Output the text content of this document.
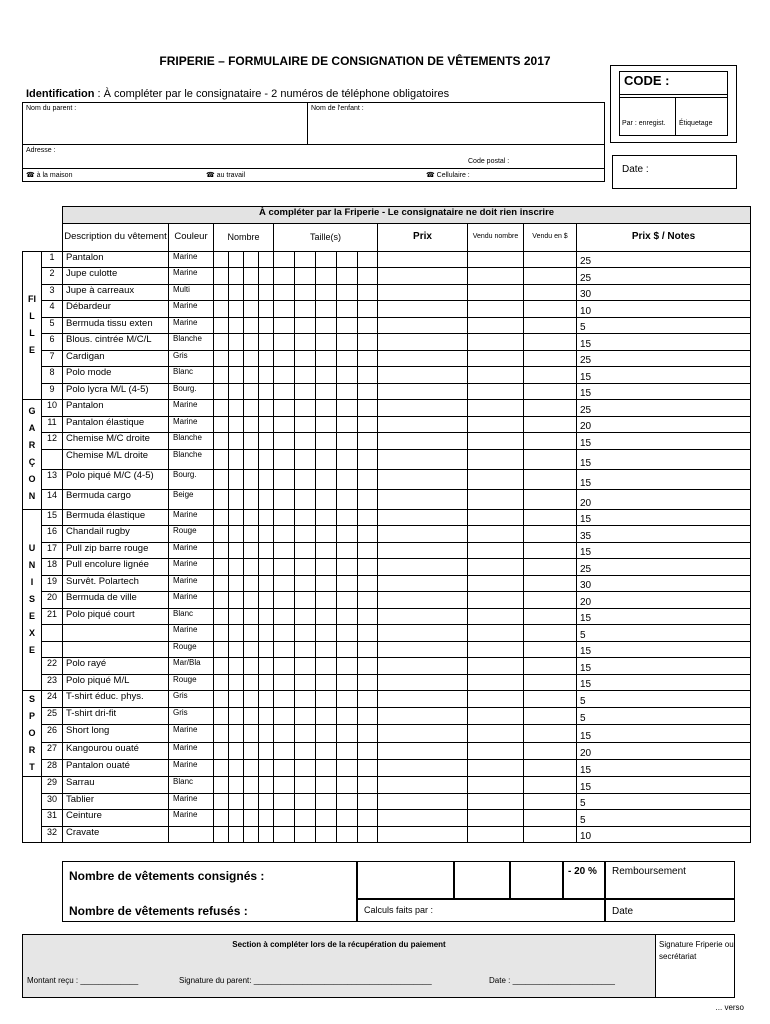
FRIPERIE – FORMULAIRE DE CONSIGNATION DE VÊTEMENTS 2017
Identification : À compléter par le consignataire - 2 numéros de téléphone obligatoires
CODE :
Par : enregist. Étiquetage
Date :
Nom du parent :	Nom de l'enfant :
Adresse :
Code postal :
☎ à la maison	☎ au travail	☎ Cellulaire :
		À compléter par la Friperie - Le consignataire ne doit rien inscrire														
		Description du vêtement	Couleur	Nombre				Taille(s)					Prix	Vendu nombre	Vendu en $	Prix $ / Notes
FILLE	1	Pantalon	Marine													25
	2	Jupe culotte	Marine													25
	3	Jupe à carreaux	Multi													30
	4	Débardeur	Marine													10
	5	Bermuda tissu exten	Marine													5
	6	Blous. cintrée M/C/L	Blanche													15
	7	Cardigan	Gris													25
	8	Polo mode	Blanc													15
	9	Polo lycra M/L (4-5)	Bourg.													15
GARÇON	10	Pantalon	Marine													25
	11	Pantalon élastique	Marine													20
	12	Chemise M/C droite	Blanche													15
		Chemise M/L droite	Blanche													15
	13	Polo piqué M/C (4-5)	Bourg.													15
	14	Bermuda cargo	Beige													20
UNISEXE	15	Bermuda élastique	Marine													15
	16	Chandail rugby	Rouge													35
	17	Pull zip barre rouge	Marine													15
	18	Pull encolure lignée	Marine													25
	19	Survêt. Polartech	Marine													30
	20	Bermuda de ville	Marine													20
	21	Polo piqué court	Blanc													15
			Marine													5
			Rouge													15
	22	Polo rayé	Mar/Bla													15
	23	Polo piqué M/L	Rouge													15
SPORT	24	T-shirt éduc. phys.	Gris													5
	25	T-shirt dri-fit	Gris													5
	26	Short long	Marine													15
	27	Kangourou ouaté	Marine													20
	28	Pantalon ouaté	Marine													15
	29	Sarrau	Blanc													15
	30	Tablier	Marine													5
	31	Ceinture	Marine													5
	32	Cravate														10
Nombre de vêtements consignés :
Nombre de vêtements refusés :
- 20 %	Remboursement
Calculs faits par :	Date
Section à compléter lors de la récupération du paiement	Signature Friperie ou secrétariat
Montant reçu : _____________	Signature du parent: ________________________________________	Date : _______________________
... verso
